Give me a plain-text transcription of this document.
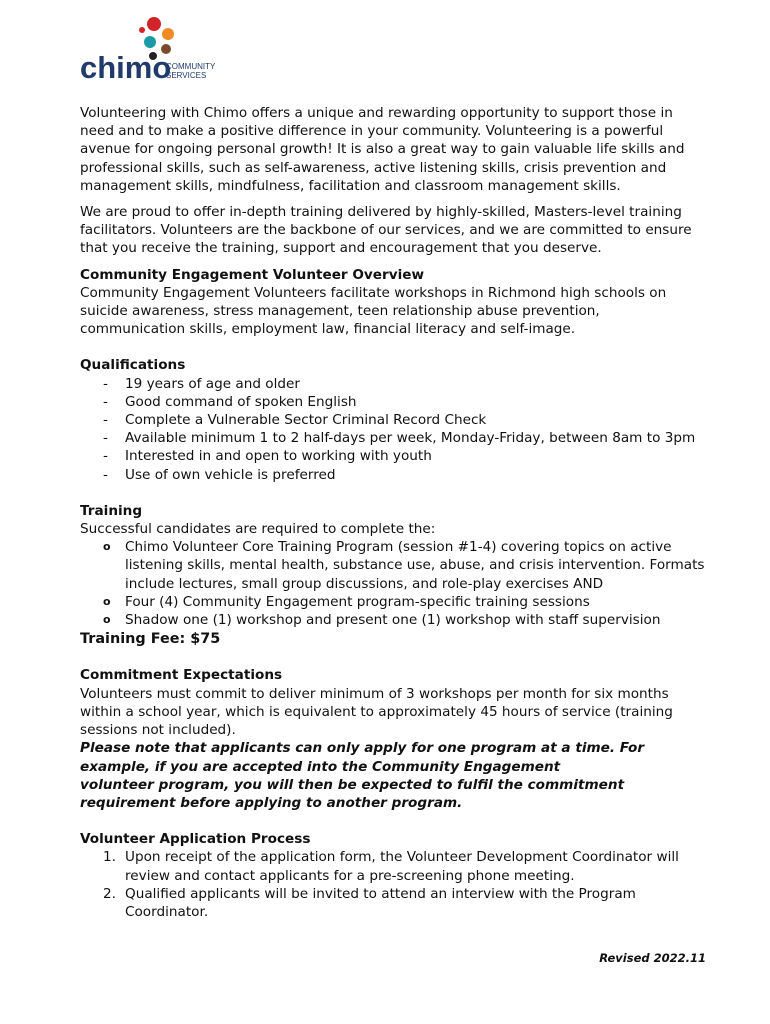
chimo
COMMUNITY
SERVICES

Volunteering with Chimo offers a unique and rewarding opportunity to support those in need and to make a positive difference in your community. Volunteering is a powerful avenue for ongoing personal growth! It is also a great way to gain valuable life skills and professional skills, such as self-awareness, active listening skills, crisis prevention and management skills, mindfulness, facilitation and classroom management skills.

We are proud to offer in-depth training delivered by highly-skilled, Masters-level training facilitators. Volunteers are the backbone of our services, and we are committed to ensure that you receive the training, support and encouragement that you deserve.

Community Engagement Volunteer Overview

Community Engagement Volunteers facilitate workshops in Richmond high schools on suicide awareness, stress management, teen relationship abuse prevention, communication skills, employment law, financial literacy and self-image.

Qualifications

- 19 years of age and older
- Good command of spoken English
- Complete a Vulnerable Sector Criminal Record Check
- Available minimum 1 to 2 half-days per week, Monday-Friday, between 8am to 3pm
- Interested in and open to working with youth
- Use of own vehicle is preferred

Training

Successful candidates are required to complete the:

o Chimo Volunteer Core Training Program (session #1-4) covering topics on active listening skills, mental health, substance use, abuse, and crisis intervention. Formats include lectures, small group discussions, and role-play exercises AND
o Four (4) Community Engagement program-specific training sessions
o Shadow one (1) workshop and present one (1) workshop with staff supervision

Training Fee: $75

Commitment Expectations

Volunteers must commit to deliver minimum of 3 workshops per month for six months within a school year, which is equivalent to approximately 45 hours of service (training sessions not included).

Please note that applicants can only apply for one program at a time. For

example, if you are accepted into the Community Engagement

volunteer program, you will then be expected to fulfil the commitment

requirement before applying to another program.

Volunteer Application Process

1. Upon receipt of the application form, the Volunteer Development Coordinator will review and contact applicants for a pre-screening phone meeting.
2. Qualified applicants will be invited to attend an interview with the Program Coordinator.
Revised 2022.11
